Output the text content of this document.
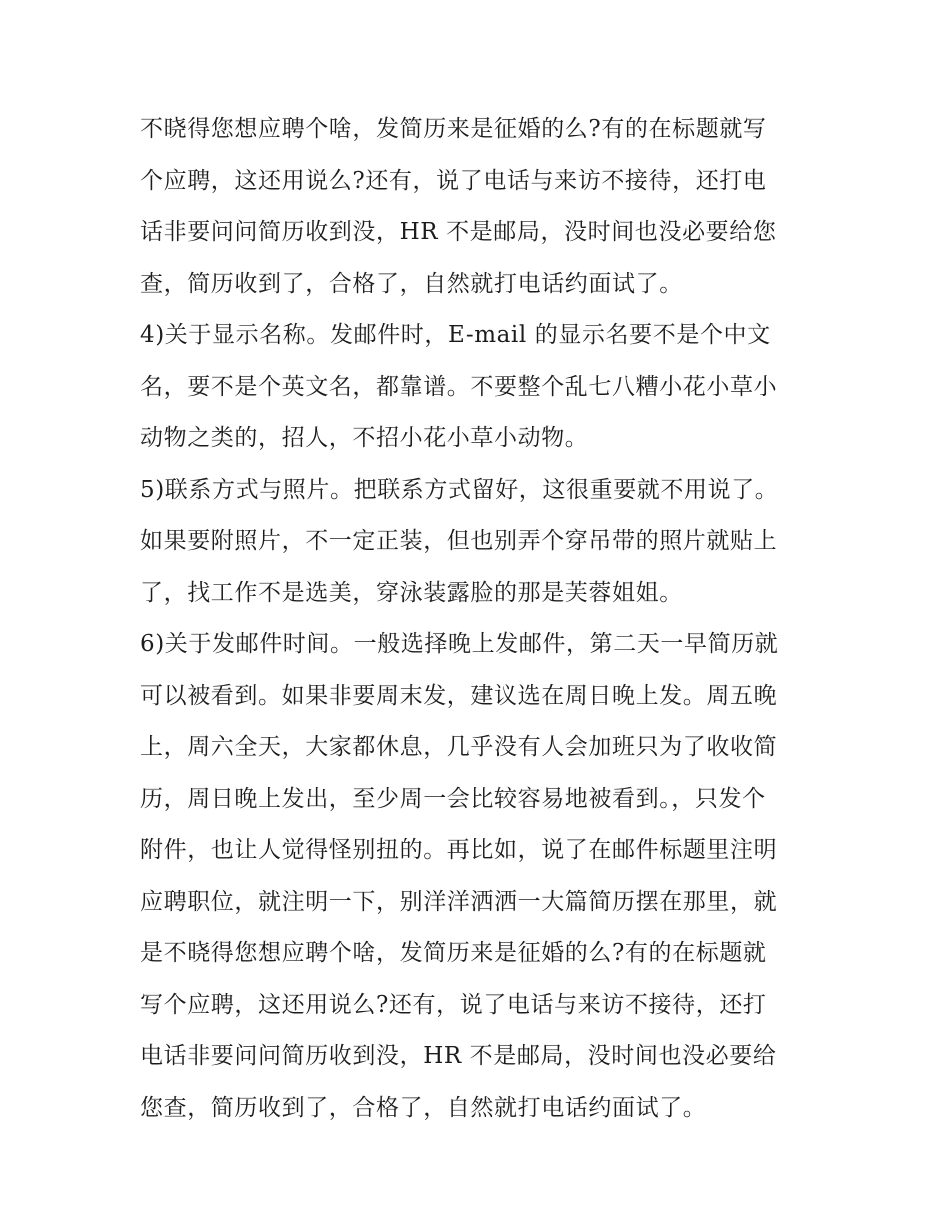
不晓得您想应聘个啥，发简历来是征婚的么?有的在标题就写
个应聘，这还用说么?还有，说了电话与来访不接待，还打电
话非要问问简历收到没，HR 不是邮局，没时间也没必要给您
查，简历收到了，合格了，自然就打电话约面试了。
4)关于显示名称。发邮件时，E-mail 的显示名要不是个中文
名，要不是个英文名，都靠谱。不要整个乱七八糟小花小草小
动物之类的，招人，不招小花小草小动物。
5)联系方式与照片。把联系方式留好，这很重要就不用说了。
如果要附照片，不一定正装，但也别弄个穿吊带的照片就贴上
了，找工作不是选美，穿泳装露脸的那是芙蓉姐姐。
6)关于发邮件时间。一般选择晚上发邮件，第二天一早简历就
可以被看到。如果非要周末发，建议选在周日晚上发。周五晚
上，周六全天，大家都休息，几乎没有人会加班只为了收收简
历，周日晚上发出，至少周一会比较容易地被看到。，只发个
附件，也让人觉得怪别扭的。再比如，说了在邮件标题里注明
应聘职位，就注明一下，别洋洋洒洒一大篇简历摆在那里，就
是不晓得您想应聘个啥，发简历来是征婚的么?有的在标题就
写个应聘，这还用说么?还有，说了电话与来访不接待，还打
电话非要问问简历收到没，HR 不是邮局，没时间也没必要给
您查，简历收到了，合格了，自然就打电话约面试了。
